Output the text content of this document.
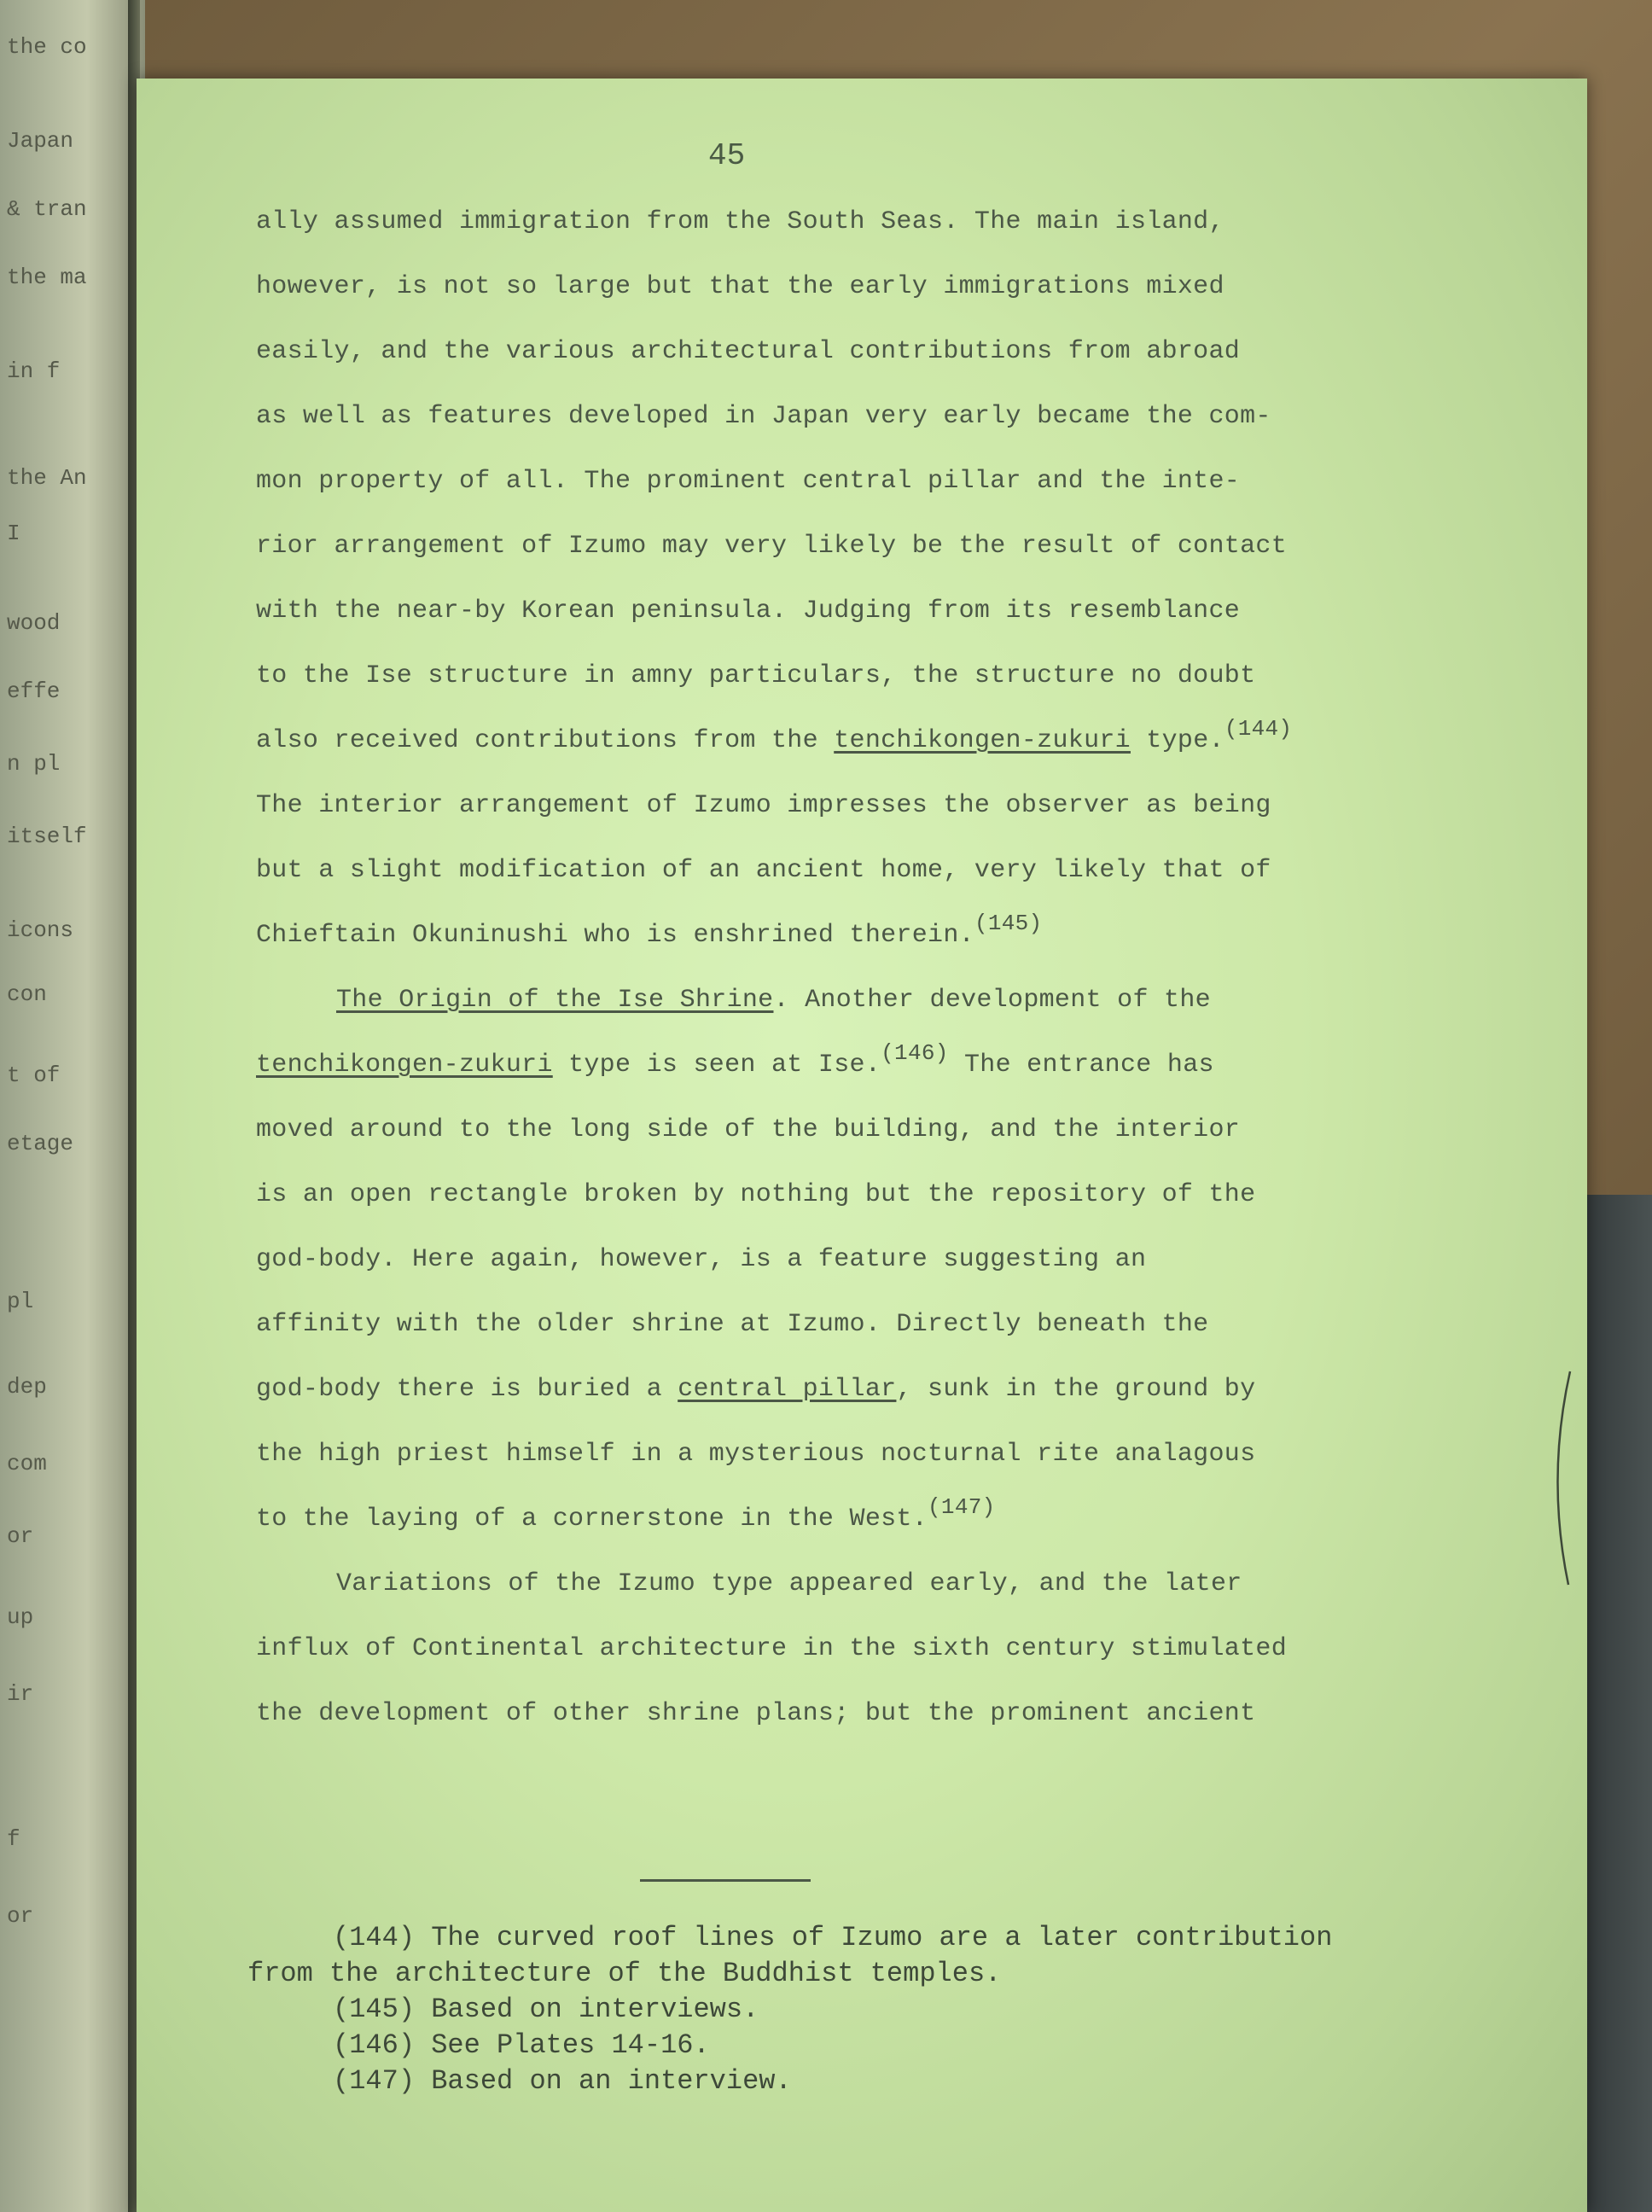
the co
Japan
& tran
the ma
in f
the An
I
wood
effe
n pl
itself
icons
con
t of
etage
pl
dep
com
or
up
ir
f
or
45
ally assumed immigration from the South Seas. The main island,
however, is not so large but that the early immigrations mixed
easily, and the various architectural contributions from abroad
as well as features developed in Japan very early became the com-
mon property of all. The prominent central pillar and the inte-
rior arrangement of Izumo may very likely be the result of contact
with the near-by Korean peninsula. Judging from its resemblance
to the Ise structure in amny particulars, the structure no doubt
also received contributions from the tenchikongen-zukuri type.$^{(144)}$
The interior arrangement of Izumo impresses the observer as being
but a slight modification of an ancient home, very likely that of
Chieftain Okuninushi who is enshrined therein.$^{(145)}$
The Origin of the Ise Shrine. Another development of the
tenchikongen-zukuri type is seen at Ise.$^{(146)}$ The entrance has
moved around to the long side of the building, and the interior
is an open rectangle broken by nothing but the repository of the
god-body. Here again, however, is a feature suggesting an
affinity with the older shrine at Izumo. Directly beneath the
god-body there is buried a central pillar, sunk in the ground by
the high priest himself in a mysterious nocturnal rite analagous
to the laying of a cornerstone in the West.$^{(147)}$
Variations of the Izumo type appeared early, and the later
influx of Continental architecture in the sixth century stimulated
the development of other shrine plans; but the prominent ancient
(144) The curved roof lines of Izumo are a later contribution
from the architecture of the Buddhist temples.
(145) Based on interviews.
(146) See Plates 14-16.
(147) Based on an interview.
